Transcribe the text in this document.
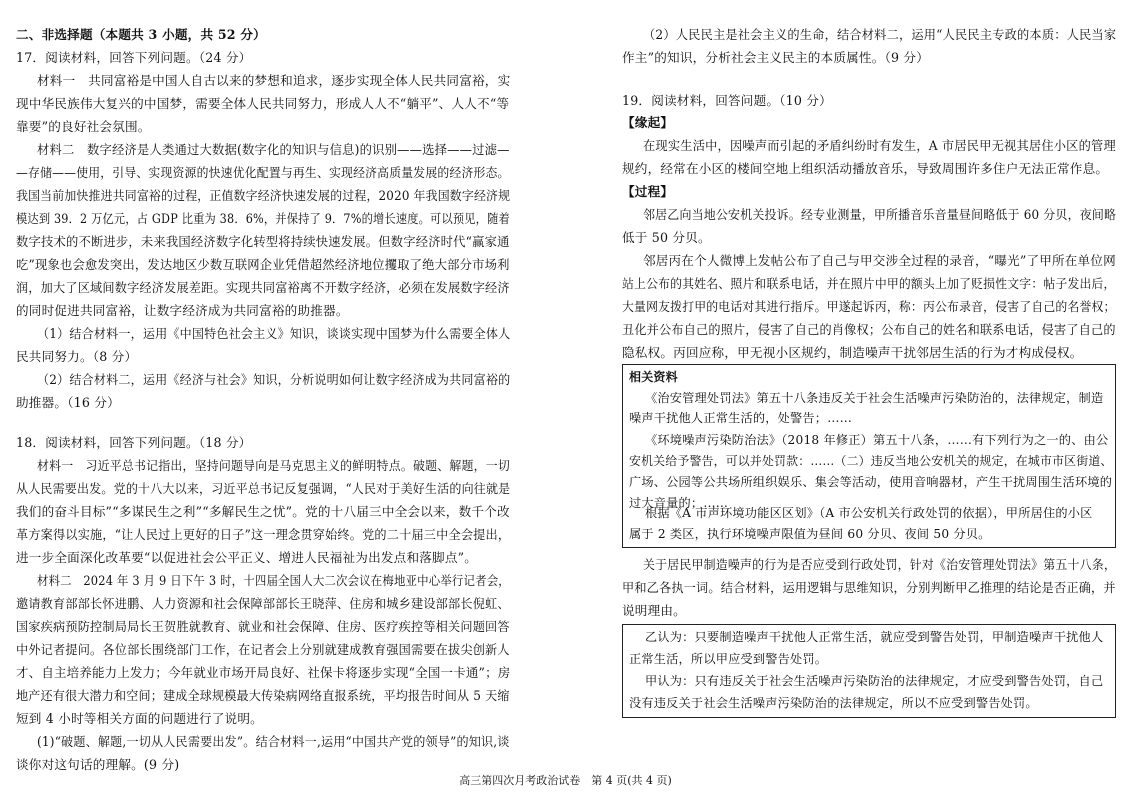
二、非选择题（本题共 3 小题，共 52 分）
17．阅读材料，回答下列问题。（24 分）
材料一　共同富裕是中国人自古以来的梦想和追求，逐步实现全体人民共同富裕，实
现中华民族伟大复兴的中国梦，需要全体人民共同努力，形成人人不“躺平”、人人不“等
靠要”的良好社会氛围。
材料二　数字经济是人类通过大数据(数字化的知识与信息)的识别——选择——过滤—
—存储——使用，引导、实现资源的快速优化配置与再生、实现经济高质量发展的经济形态。
我国当前加快推进共同富裕的过程，正值数字经济快速发展的过程，2020 年我国数字经济规
模达到 39．2 万亿元，占 GDP 比重为 38．6%，并保持了 9．7%的增长速度。可以预见，随着
数字技术的不断进步，未来我国经济数字化转型将持续快速发展。但数字经济时代“赢家通
吃”现象也会愈发突出，发达地区少数互联网企业凭借超然经济地位攫取了绝大部分市场利
润，加大了区域间数字经济发展差距。实现共同富裕离不开数字经济，必须在发展数字经济
的同时促进共同富裕，让数字经济成为共同富裕的助推器。
（1）结合材料一，运用《中国特色社会主义》知识，谈谈实现中国梦为什么需要全体人
民共同努力。（8 分）
（2）结合材料二，运用《经济与社会》知识，分析说明如何让数字经济成为共同富裕的
助推器。（16 分）
18．阅读材料，回答下列问题。（18 分）
材料一　习近平总书记指出，坚持问题导向是马克思主义的鲜明特点。破题、解题，一切
从人民需要出发。党的十八大以来，习近平总书记反复强调，“人民对于美好生活的向往就是
我们的奋斗目标”“多谋民生之利”“多解民生之忧”。党的十八届三中全会以来，数千个改
革方案得以实施，“让人民过上更好的日子”这一理念贯穿始终。党的二十届三中全会提出，
进一步全面深化改革要“以促进社会公平正义、增进人民福祉为出发点和落脚点”。
材料二　2024 年 3 月 9 日下午 3 时，十四届全国人大二次会议在梅地亚中心举行记者会，
邀请教育部部长怀进鹏、人力资源和社会保障部部长王晓萍、住房和城乡建设部部长倪虹、
国家疾病预防控制局局长王贺胜就教育、就业和社会保障、住房、医疗疾控等相关问题回答
中外记者提问。各位部长围绕部门工作，在记者会上分别就建成教育强国需要在拔尖创新人
才、自主培养能力上发力；今年就业市场开局良好、社保卡将逐步实现“全国一卡通”；房
地产还有很大潜力和空间；建成全球规模最大传染病网络直报系统，平均报告时间从 5 天缩
短到 4 小时等相关方面的问题进行了说明。
(1)“破题、解题,一切从人民需要出发”。结合材料一,运用“中国共产党的领导”的知识,谈
谈你对这句话的理解。(9 分)
（2）人民民主是社会主义的生命，结合材料二，运用“人民民主专政的本质：人民当家
作主”的知识，分析社会主义民主的本质属性。（9 分）
19．阅读材料，回答问题。（10 分）
【缘起】
在现实生活中，因噪声而引起的矛盾纠纷时有发生，A 市居民甲无视其居住小区的管理
规约，经常在小区的楼间空地上组织活动播放音乐，导致周围许多住户无法正常作息。
【过程】
邻居乙向当地公安机关投诉。经专业测量，甲所播音乐音量昼间略低于 60 分贝，夜间略
低于 50 分贝。
邻居丙在个人微博上发帖公布了自己与甲交涉全过程的录音，“曝光”了甲所在单位网
站上公布的其姓名、照片和联系电话，并在照片中甲的额头上加了贬损性文字：帖子发出后，
大量网友拨打甲的电话对其进行指斥。甲遂起诉丙，称：丙公布录音，侵害了自己的名誉权；
丑化并公布自己的照片，侵害了自己的肖像权；公布自己的姓名和联系电话，侵害了自己的
隐私权。丙回应称，甲无视小区规约，制造噪声干扰邻居生活的行为才构成侵权。
相关资料
《治安管理处罚法》第五十八条违反关于社会生活噪声污染防治的，法律规定，制造
噪声干扰他人正常生活的，处警告；……
《环境噪声污染防治法》（2018 年修正）第五十八条，……有下列行为之一的、由公
安机关给予警告，可以并处罚款：……（二）违反当地公安机关的规定，在城市市区街道、
广场、公园等公共场所组织娱乐、集会等活动，使用音响器材，产生干扰周围生活环境的
过大音量的；……
根据《A 市声环境功能区区划》（A 市公安机关行政处罚的依据），甲所居住的小区
属于 2 类区，执行环境噪声限值为昼间 60 分贝、夜间 50 分贝。
关于居民甲制造噪声的行为是否应受到行政处罚，针对《治安管理处罚法》第五十八条，
甲和乙各执一词。结合材料，运用逻辑与思维知识，分别判断甲乙推理的结论是否正确，并
说明理由。
乙认为：只要制造噪声干扰他人正常生活，就应受到警告处罚，甲制造噪声干扰他人
正常生活，所以甲应受到警告处罚。
甲认为：只有违反关于社会生活噪声污染防治的法律规定，才应受到警告处罚，自己
没有违反关于社会生活噪声污染防治的法律规定，所以不应受到警告处罚。
高三第四次月考政治试卷　第 4 页(共 4 页)
